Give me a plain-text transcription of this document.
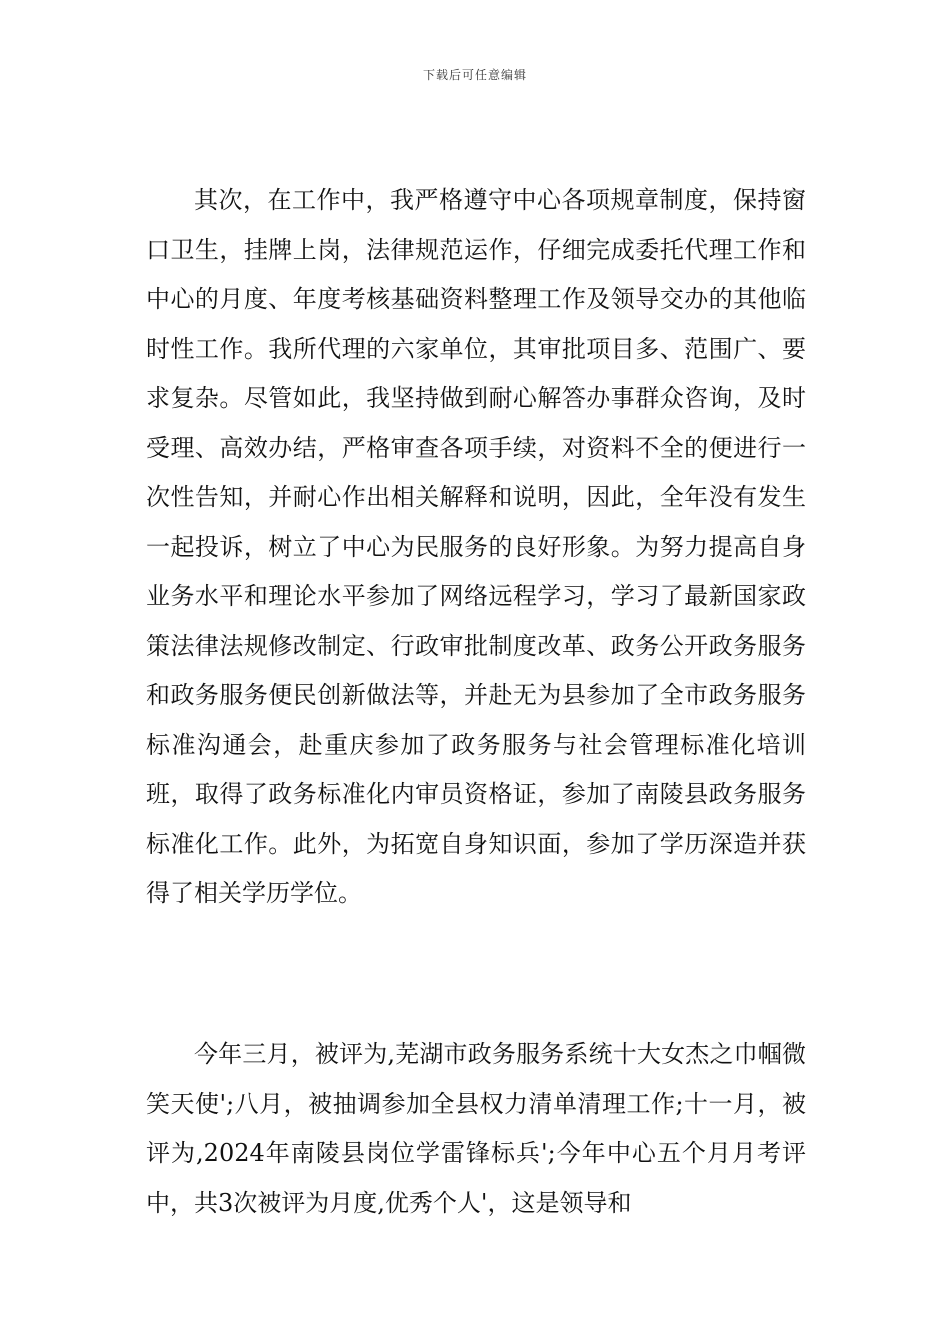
下载后可任意编辑

其次，在工作中，我严格遵守中心各项规章制度，保持窗口卫生，挂牌上岗，法律规范运作，仔细完成委托代理工作和中心的月度、年度考核基础资料整理工作及领导交办的其他临时性工作。我所代理的六家单位，其审批项目多、范围广、要求复杂。尽管如此，我坚持做到耐心解答办事群众咨询，及时受理、高效办结，严格审查各项手续，对资料不全的便进行一次性告知，并耐心作出相关解释和说明，因此，全年没有发生一起投诉，树立了中心为民服务的良好形象。为努力提高自身业务水平和理论水平参加了网络远程学习，学习了最新国家政策法律法规修改制定、行政审批制度改革、政务公开政务服务和政务服务便民创新做法等，并赴无为县参加了全市政务服务标准沟通会，赴重庆参加了政务服务与社会管理标准化培训班，取得了政务标准化内审员资格证，参加了南陵县政务服务标准化工作。此外，为拓宽自身知识面，参加了学历深造并获得了相关学历学位。

今年三月，被评为,芜湖市政务服务系统十大女杰之巾帼微笑天使';八月，被抽调参加全县权力清单清理工作;十一月，被评为,2024年南陵县岗位学雷锋标兵';今年中心五个月月考评中，共3次被评为月度,优秀个人'，这是领导和
